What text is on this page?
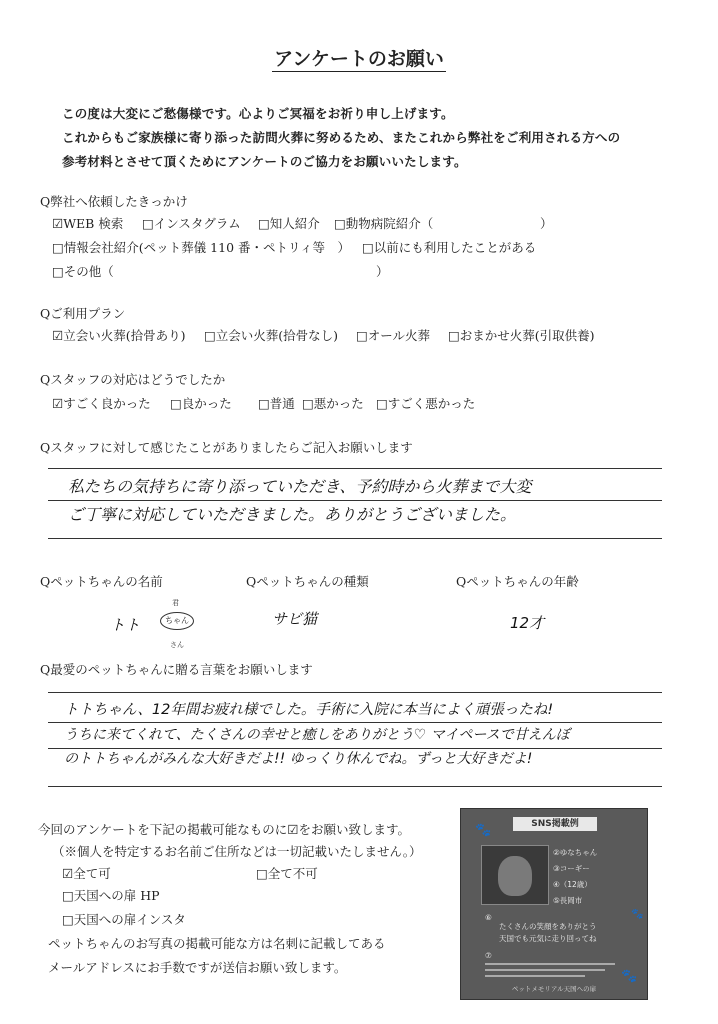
アンケートのお願い
この度は大変にご愁傷様です。心よりご冥福をお祈り申し上げます。
これからもご家族様に寄り添った訪問火葬に努めるため、またこれから弊社をご利用される方への
参考材料とさせて頂くためにアンケートのご協力をお願いいたします。
Q弊社へ依頼したきっかけ
☑WEB 検索 □インスタグラム □知人紹介 □動物病院紹介（	）
□情報会社紹介(ペット葬儀 110 番・ペトリィ等　） □以前にも利用したことがある
□その他（	）
Qご利用プラン
☑立会い火葬(拾骨あり) □立会い火葬(拾骨なし) □オール火葬 □おまかせ火葬(引取供養)
Qスタッフの対応はどうでしたか
☑すごく良かった □良かった □普通 □悪かった □すごく悪かった
Qスタッフに対して感じたことがありましたらご記入お願いします
私たちの気持ちに寄り添っていただき、予約時から火葬まで大変
ご丁寧に対応していただきました。ありがとうございました。
Qペットちゃんの名前	Qペットちゃんの種類	Qペットちゃんの年齢
トト
君
ちゃん
さん
サビ猫	12才
Q最愛のペットちゃんに贈る言葉をお願いします
トトちゃん、12年間お疲れ様でした。手術に入院に本当によく頑張ったね!
うちに来てくれて、たくさんの幸せと癒しをありがとう♡ マイペースで甘えんぼ
のトトちゃんがみんな大好きだよ!! ゆっくり休んでね。ずっと大好きだよ!
今回のアンケートを下記の掲載可能なものに☑をお願い致します。
（※個人を特定するお名前ご住所などは一切記載いたしません。）
☑全て可	□全て不可
□天国への扉 HP
□天国への扉インスタ
ペットちゃんのお写真の掲載可能な方は名刺に記載してある
メールアドレスにお手数ですが送信お願い致します。
SNS掲載例
🐾
②ゆなちゃん
③コーギー
④（12歳）
⑤長岡市
⑥
たくさんの笑顔をありがとう
天国でも元気に走り回ってね
🐾
⑦
🐾
ペットメモリアル天国への扉
